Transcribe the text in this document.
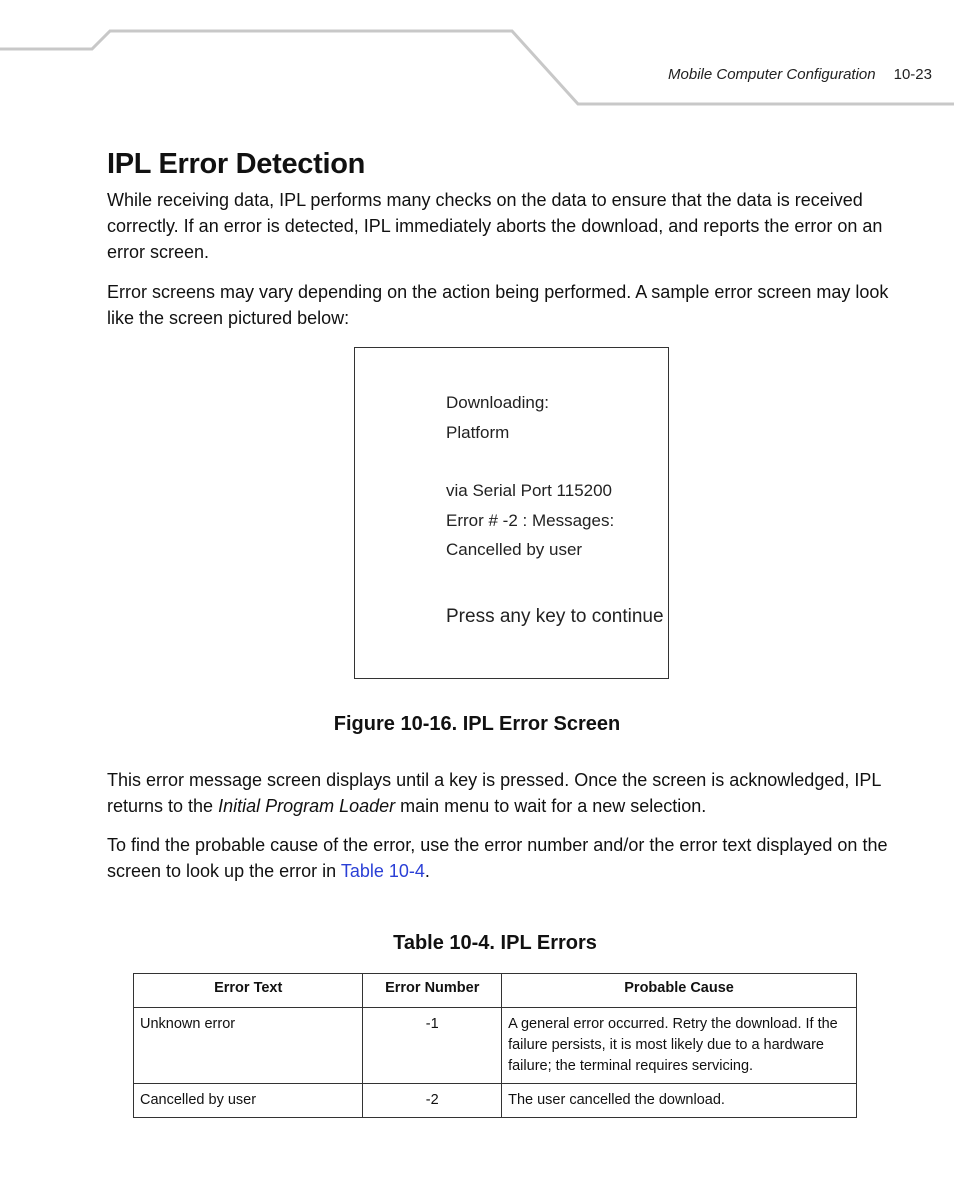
Mobile Computer Configuration 10-23
IPL Error Detection

While receiving data, IPL performs many checks on the data to ensure that the data is received correctly. If an error is detected, IPL immediately aborts the download, and reports the error on an error screen.

Error screens may vary depending on the action being performed. A sample error screen may look like the screen pictured below:

Downloading:
Platform
via Serial Port 115200
Error # -2 : Messages:
Cancelled by user
Press any key to continue
Figure 10-16. IPL Error Screen

This error message screen displays until a key is pressed. Once the screen is acknowledged, IPL returns to the Initial Program Loader main menu to wait for a new selection.

To find the probable cause of the error, use the error number and/or the error text displayed on the screen to look up the error in Table 10-4.

Table 10-4. IPL Errors
Error Text	Error Number	Probable Cause
Unknown error	-1	A general error occurred. Retry the download. If the failure persists, it is most likely due to a hardware failure; the terminal requires servicing.
Cancelled by user	-2	The user cancelled the download.
